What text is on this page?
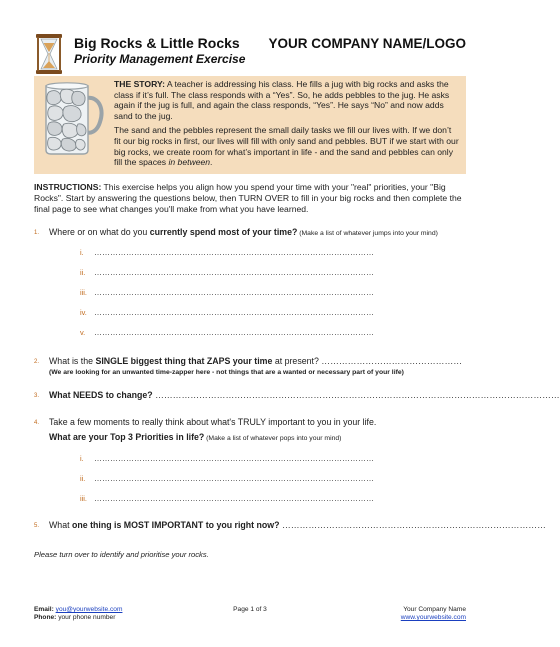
Big Rocks & Little Rocks
Priority Management Exercise
YOUR COMPANY NAME/LOGO

THE STORY: A teacher is addressing his class. He fills a jug with big rocks and asks the class if it’s full. The class responds with a “Yes”. So, he adds pebbles to the jug. He asks again if the jug is full, and again the class responds, “Yes”. He says “No” and now adds sand to the jug.

The sand and the pebbles represent the small daily tasks we fill our lives with. If we don’t fit our big rocks in first, our lives will fill with only sand and pebbles. BUT if we start with our big rocks, we create room for what’s important in life - and the sand and pebbles can only fill the spaces in between.

INSTRUCTIONS: This exercise helps you align how you spend your time with your "real" priorities, your "Big Rocks". Start by answering the questions below, then TURN OVER to fill in your big rocks and then complete the final page to see what changes you'll make from what you have learned.
1. Where or on what do you currently spend most of your time? (Make a list of whatever jumps into your mind)
i. ……………………………………………………………………………………………
ii. ……………………………………………………………………………………………
iii. ……………………………………………………………………………………………
iv. ……………………………………………………………………………………………
v. ……………………………………………………………………………………………
2. What is the SINGLE biggest thing that ZAPS your time at present? …………………………………………
(We are looking for an unwanted time-zapper here - not things that are a wanted or necessary part of your life)
3. What NEEDS to change? …………………………………………………………………………………………………………………………
4. Take a few moments to really think about what's TRULY important to you in your life.
What are your Top 3 Priorities in life? (Make a list of whatever pops into your mind)
i. ……………………………………………………………………………………………
ii. ……………………………………………………………………………………………
iii. ……………………………………………………………………………………………
5. What one thing is MOST IMPORTANT to you right now? ………………………………………………………………………………
Please turn over to identify and prioritise your rocks.
Page 1 of 3
Email: you@yourwebsite.com
Phone: your phone number
Your Company Name
www.yourwebsite.com
